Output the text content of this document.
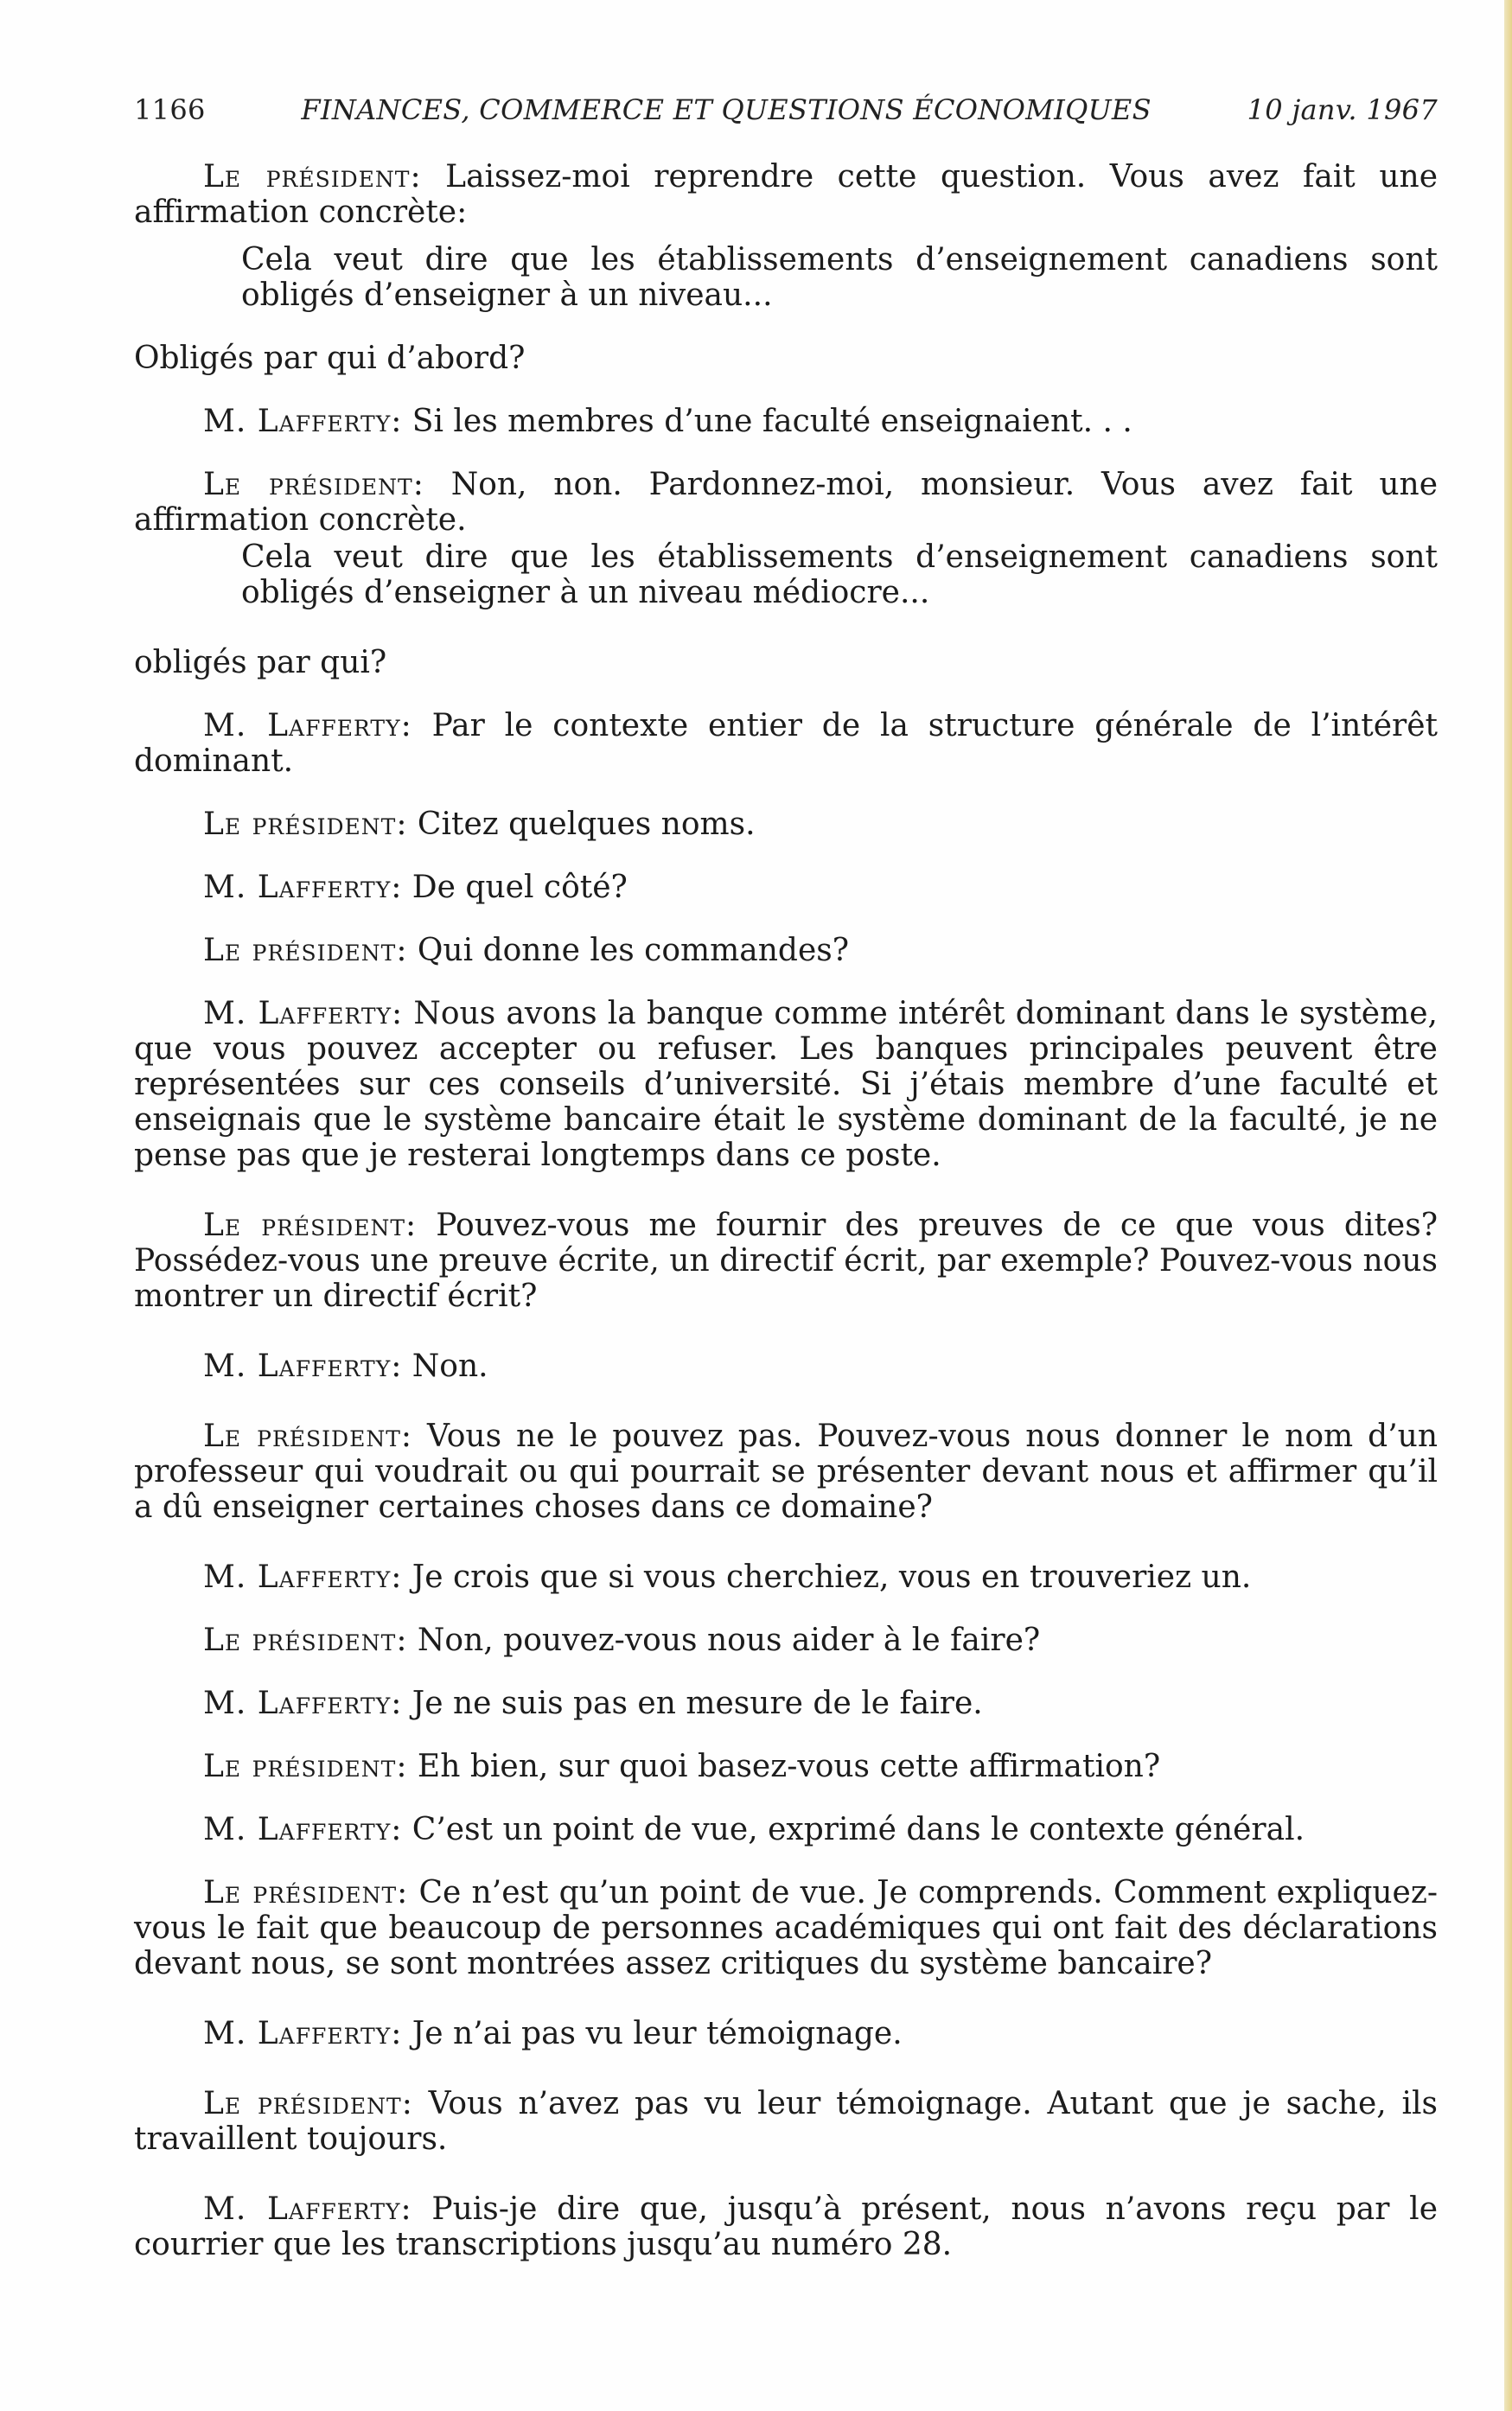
1166	FINANCES, COMMERCE ET QUESTIONS ÉCONOMIQUES	10 janv. 1967

Le président: Laissez-moi reprendre cette question. Vous avez fait une affirmation concrète:

Cela veut dire que les établissements d’enseignement canadiens sont obligés d’enseigner à un niveau...

Obligés par qui d’abord?

M. Lafferty: Si les membres d’une faculté enseignaient. . .

Le président: Non, non. Pardonnez-moi, monsieur. Vous avez fait une affirmation concrète.

Cela veut dire que les établissements d’enseignement canadiens sont obligés d’enseigner à un niveau médiocre...

obligés par qui?

M. Lafferty: Par le contexte entier de la structure générale de l’intérêt dominant.

Le président: Citez quelques noms.

M. Lafferty: De quel côté?

Le président: Qui donne les commandes?

M. Lafferty: Nous avons la banque comme intérêt dominant dans le système, que vous pouvez accepter ou refuser. Les banques principales peuvent être représentées sur ces conseils d’université. Si j’étais membre d’une faculté et enseignais que le système bancaire était le système dominant de la faculté, je ne pense pas que je resterai longtemps dans ce poste.

Le président: Pouvez-vous me fournir des preuves de ce que vous dites? Possédez-vous une preuve écrite, un directif écrit, par exemple? Pouvez-vous nous montrer un directif écrit?

M. Lafferty: Non.

Le président: Vous ne le pouvez pas. Pouvez-vous nous donner le nom d’un professeur qui voudrait ou qui pourrait se présenter devant nous et affirmer qu’il a dû enseigner certaines choses dans ce domaine?

M. Lafferty: Je crois que si vous cherchiez, vous en trouveriez un.

Le président: Non, pouvez-vous nous aider à le faire?

M. Lafferty: Je ne suis pas en mesure de le faire.

Le président: Eh bien, sur quoi basez-vous cette affirmation?

M. Lafferty: C’est un point de vue, exprimé dans le contexte général.

Le président: Ce n’est qu’un point de vue. Je comprends. Comment expliquez-vous le fait que beaucoup de personnes académiques qui ont fait des déclarations devant nous, se sont montrées assez critiques du système bancaire?

M. Lafferty: Je n’ai pas vu leur témoignage.

Le président: Vous n’avez pas vu leur témoignage. Autant que je sache, ils travaillent toujours.

M. Lafferty: Puis-je dire que, jusqu’à présent, nous n’avons reçu par le courrier que les transcriptions jusqu’au numéro 28.
